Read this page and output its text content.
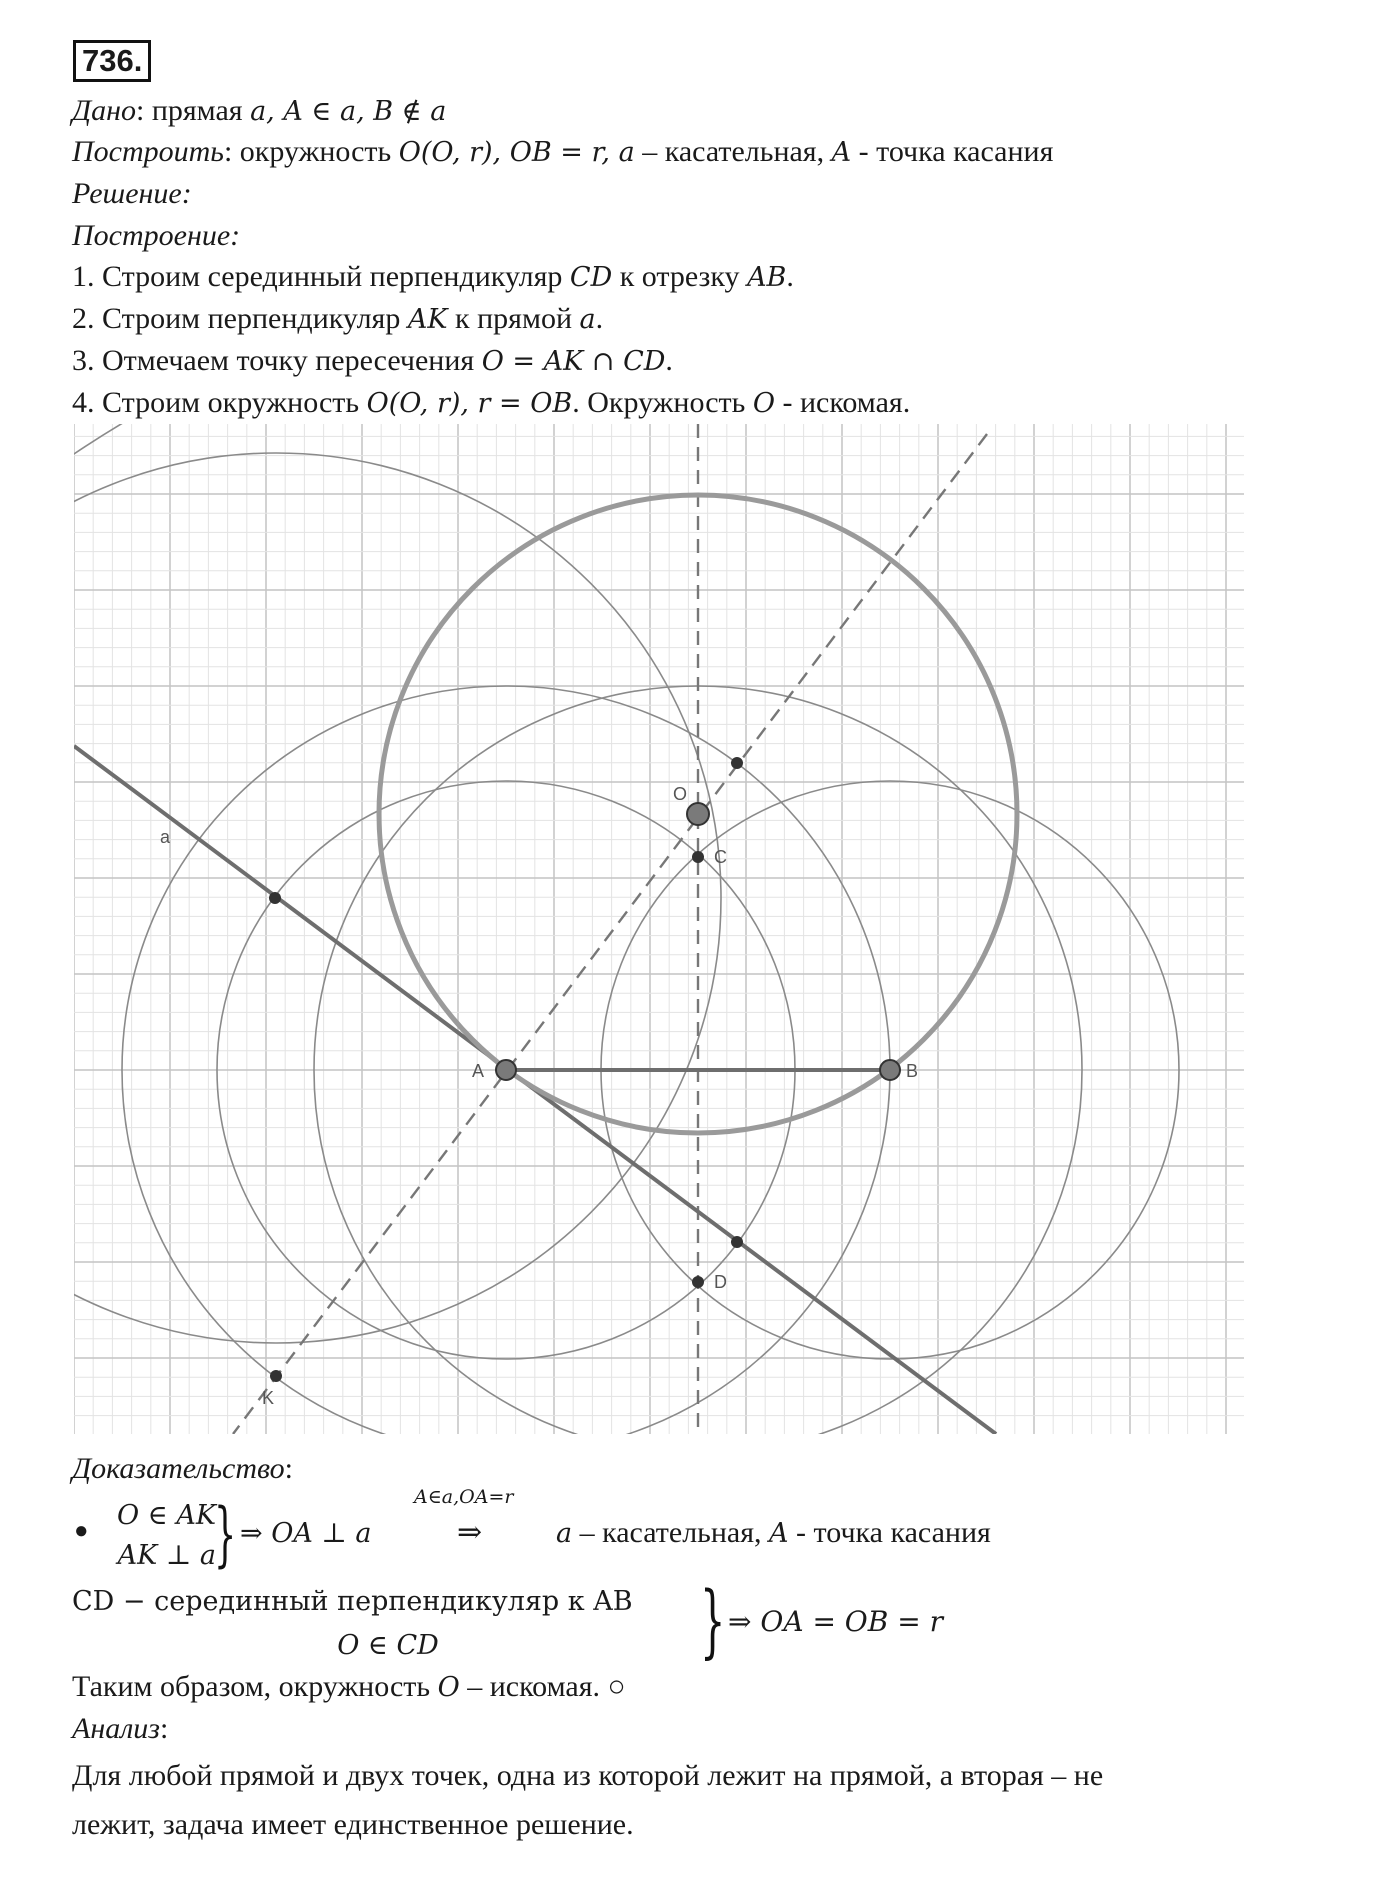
736.
Дано: прямая a, A ∈ a, B ∉ a
Построить: окружность O(O, r), OB = r, a – касательная, A - точка касания
Решение:
Построение:
1. Строим серединный перпендикуляр CD к отрезку AB.
2. Строим перпендикуляр AK к прямой a.
3. Отмечаем точку пересечения O = AK ∩ CD.
4. Строим окружность O(O, r), r = OB. Окружность O - искомая.
a
A	B
C
D
O
K
Доказательство:
●	O ∈ AK
AK ⊥ a
} ⇒ OA ⊥ a
A∈a,OA=r
⇒	a – касательная, A - точка касания
CD − серединный перпендикуляр к AB
O ∈ CD	} ⇒ OA = OB = r
Таким образом, окружность O – искомая. ○
Анализ:
Для любой прямой и двух точек, одна из которой лежит на прямой, а вторая – не
лежит, задача имеет единственное решение.
